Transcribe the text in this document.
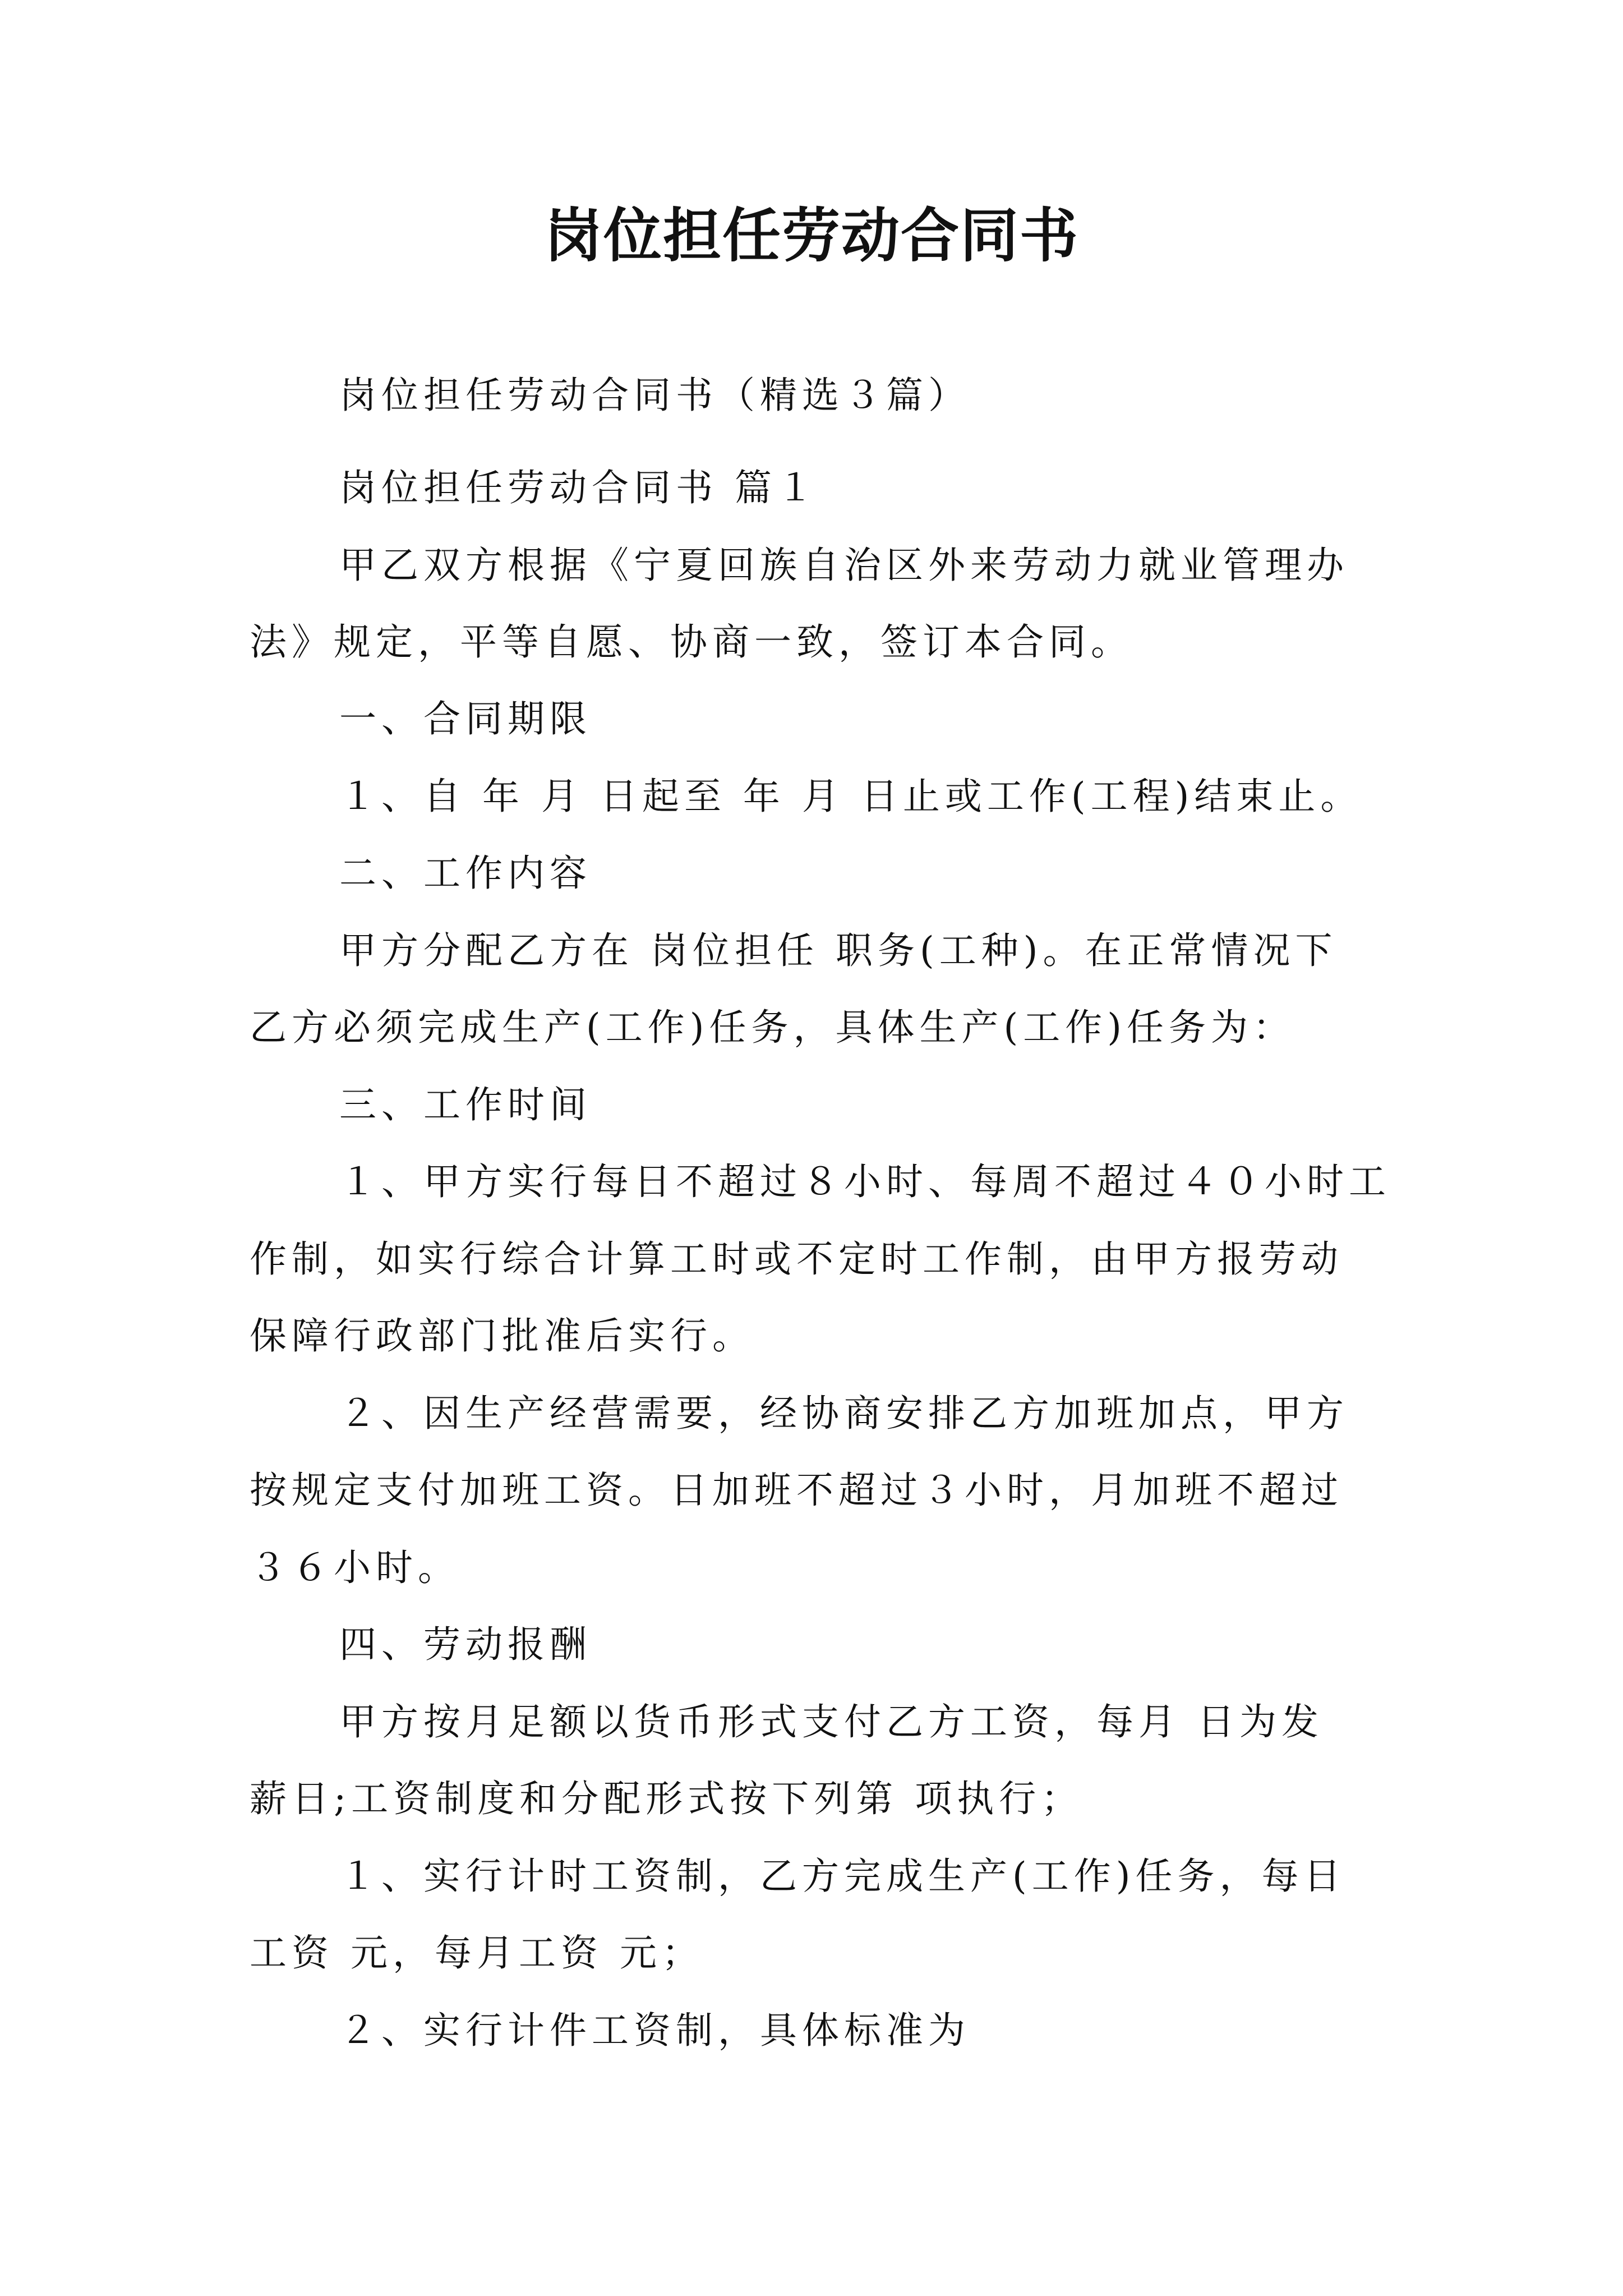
岗位担任劳动合同书
岗位担任劳动合同书（精选３篇）
岗位担任劳动合同书 篇１
甲乙双方根据《宁夏回族自治区外来劳动力就业管理办
法》规定，平等自愿、协商一致，签订本合同。
一、合同期限
１、自 年 月 日起至 年 月 日止或工作(工程)结束止。
二、工作内容
甲方分配乙方在 岗位担任 职务(工种)。在正常情况下
乙方必须完成生产(工作)任务，具体生产(工作)任务为：
三、工作时间
１、甲方实行每日不超过８小时、每周不超过４０小时工
作制，如实行综合计算工时或不定时工作制，由甲方报劳动
保障行政部门批准后实行。
２、因生产经营需要，经协商安排乙方加班加点，甲方
按规定支付加班工资。日加班不超过３小时，月加班不超过
３６小时。
四、劳动报酬
甲方按月足额以货币形式支付乙方工资，每月 日为发
薪日;工资制度和分配形式按下列第 项执行；
１、实行计时工资制，乙方完成生产(工作)任务，每日
工资 元，每月工资 元；
２、实行计件工资制，具体标准为
